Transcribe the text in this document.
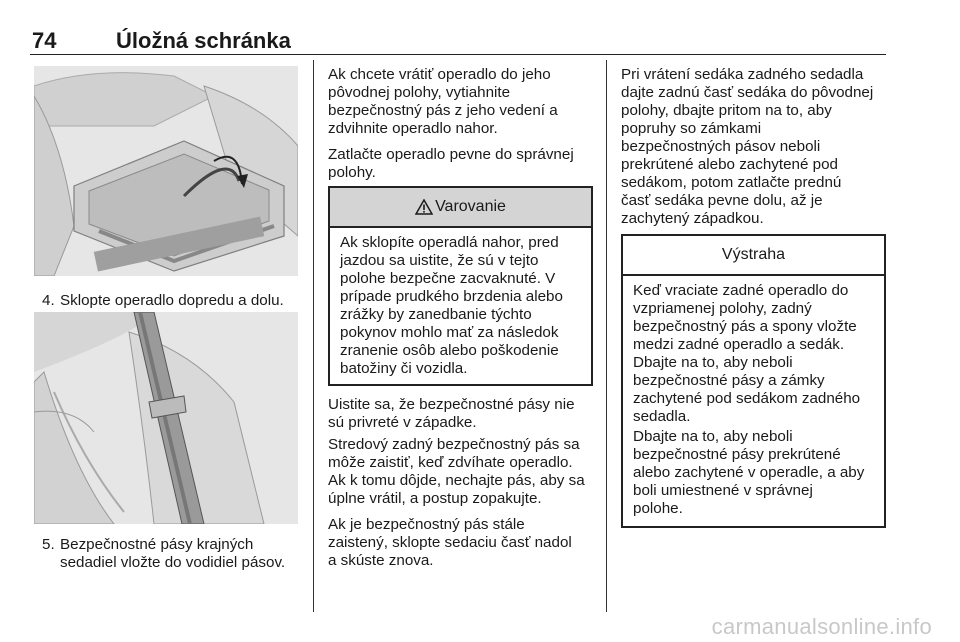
74	Úložná schránka
4. Sklopte operadlo dopredu a dolu.
5. Bezpečnostné pásy krajných
sedadiel vložte do vodidiel pásov.

Ak chcete vrátiť operadlo do jeho

pôvodnej polohy, vytiahnite

bezpečnostný pás z jeho vedení a

zdvihnite operadlo nahor.

Zatlačte operadlo pevne do správnej

polohy.

Varovanie
Ak sklopíte operadlá nahor, pred
jazdou sa uistite, že sú v tejto
polohe bezpečne zacvaknuté. V
prípade prudkého brzdenia alebo
zrážky by zanedbanie týchto
pokynov mohlo mať za následok
zranenie osôb alebo poškodenie
batožiny či vozidla.

Uistite sa, že bezpečnostné pásy nie

sú privreté v západke.

Stredový zadný bezpečnostný pás sa

môže zaistiť, keď zdvíhate operadlo.

Ak k tomu dôjde, nechajte pás, aby sa

úplne vrátil, a postup zopakujte.

Ak je bezpečnostný pás stále

zaistený, sklopte sedaciu časť nadol

a skúste znova.

Pri vrátení sedáka zadného sedadla

dajte zadnú časť sedáka do pôvodnej

polohy, dbajte pritom na to, aby

popruhy so zámkami

bezpečnostných pásov neboli

prekrútené alebo zachytené pod

sedákom, potom zatlačte prednú

časť sedáka pevne dolu, až je

zachytený západkou.

Výstraha
Keď vraciate zadné operadlo do
vzpriamenej polohy, zadný
bezpečnostný pás a spony vložte
medzi zadné operadlo a sedák.
Dbajte na to, aby neboli
bezpečnostné pásy a zámky
zachytené pod sedákom zadného
sedadla.
Dbajte na to, aby neboli
bezpečnostné pásy prekrútené
alebo zachytené v operadle, a aby
boli umiestnené v správnej
polohe.
carmanualsonline.info
